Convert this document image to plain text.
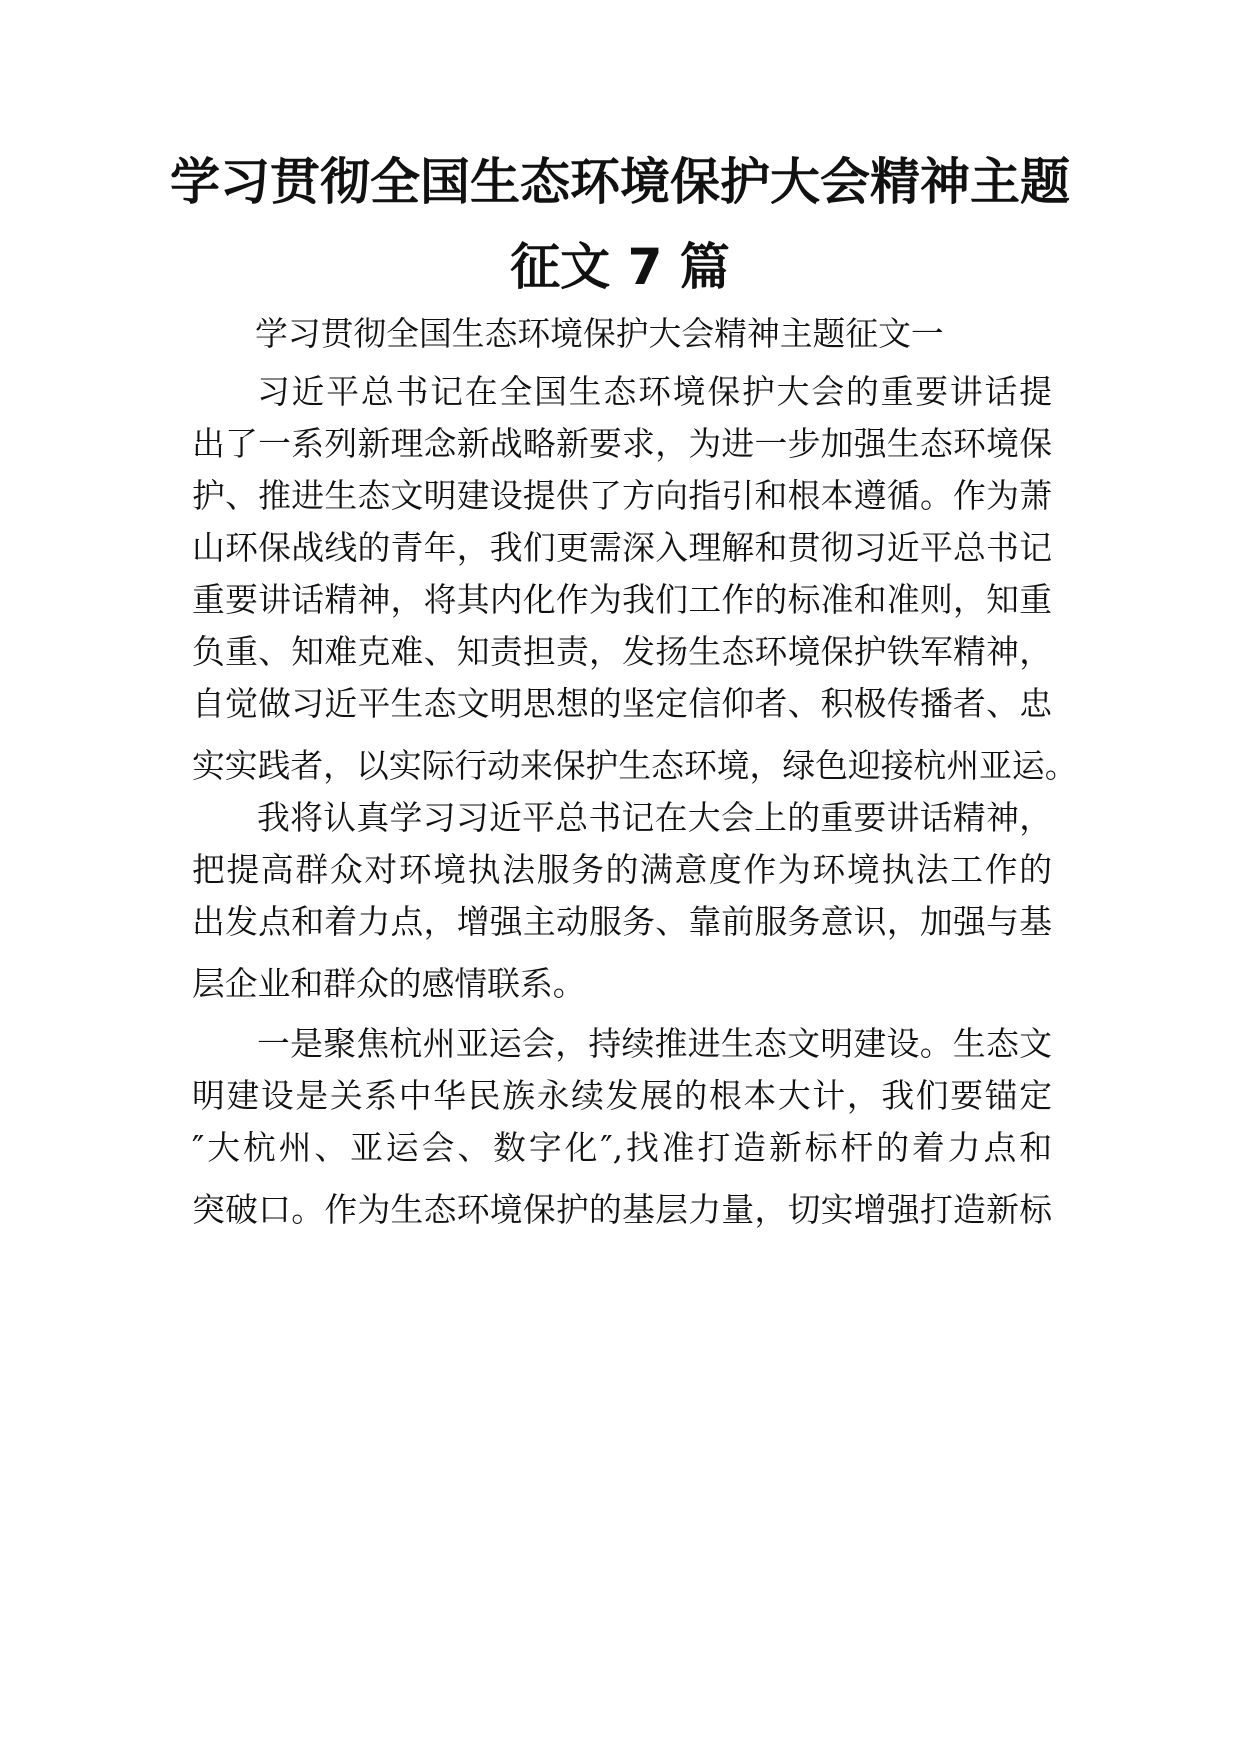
学习贯彻全国生态环境保护大会精神主题
征文 7 篇

学习贯彻全国生态环境保护大会精神主题征文一

习近平总书记在全国生态环境保护大会的重要讲话提
出了一系列新理念新战略新要求，为进一步加强生态环境保
护、推进生态文明建设提供了方向指引和根本遵循。作为萧
山环保战线的青年，我们更需深入理解和贯彻习近平总书记
重要讲话精神，将其内化作为我们工作的标准和准则，知重
负重、知难克难、知责担责，发扬生态环境保护铁军精神，
自觉做习近平生态文明思想的坚定信仰者、积极传播者、忠
实实践者，以实际行动来保护生态环境，绿色迎接杭州亚运。
我将认真学习习近平总书记在大会上的重要讲话精神，
把提高群众对环境执法服务的满意度作为环境执法工作的
出发点和着力点，增强主动服务、靠前服务意识，加强与基
层企业和群众的感情联系。
一是聚焦杭州亚运会，持续推进生态文明建设。生态文
明建设是关系中华民族永续发展的根本大计，我们要锚定
″大杭州、亚运会、数字化″,找准打造新标杆的着力点和
突破口。作为生态环境保护的基层力量，切实增强打造新标
